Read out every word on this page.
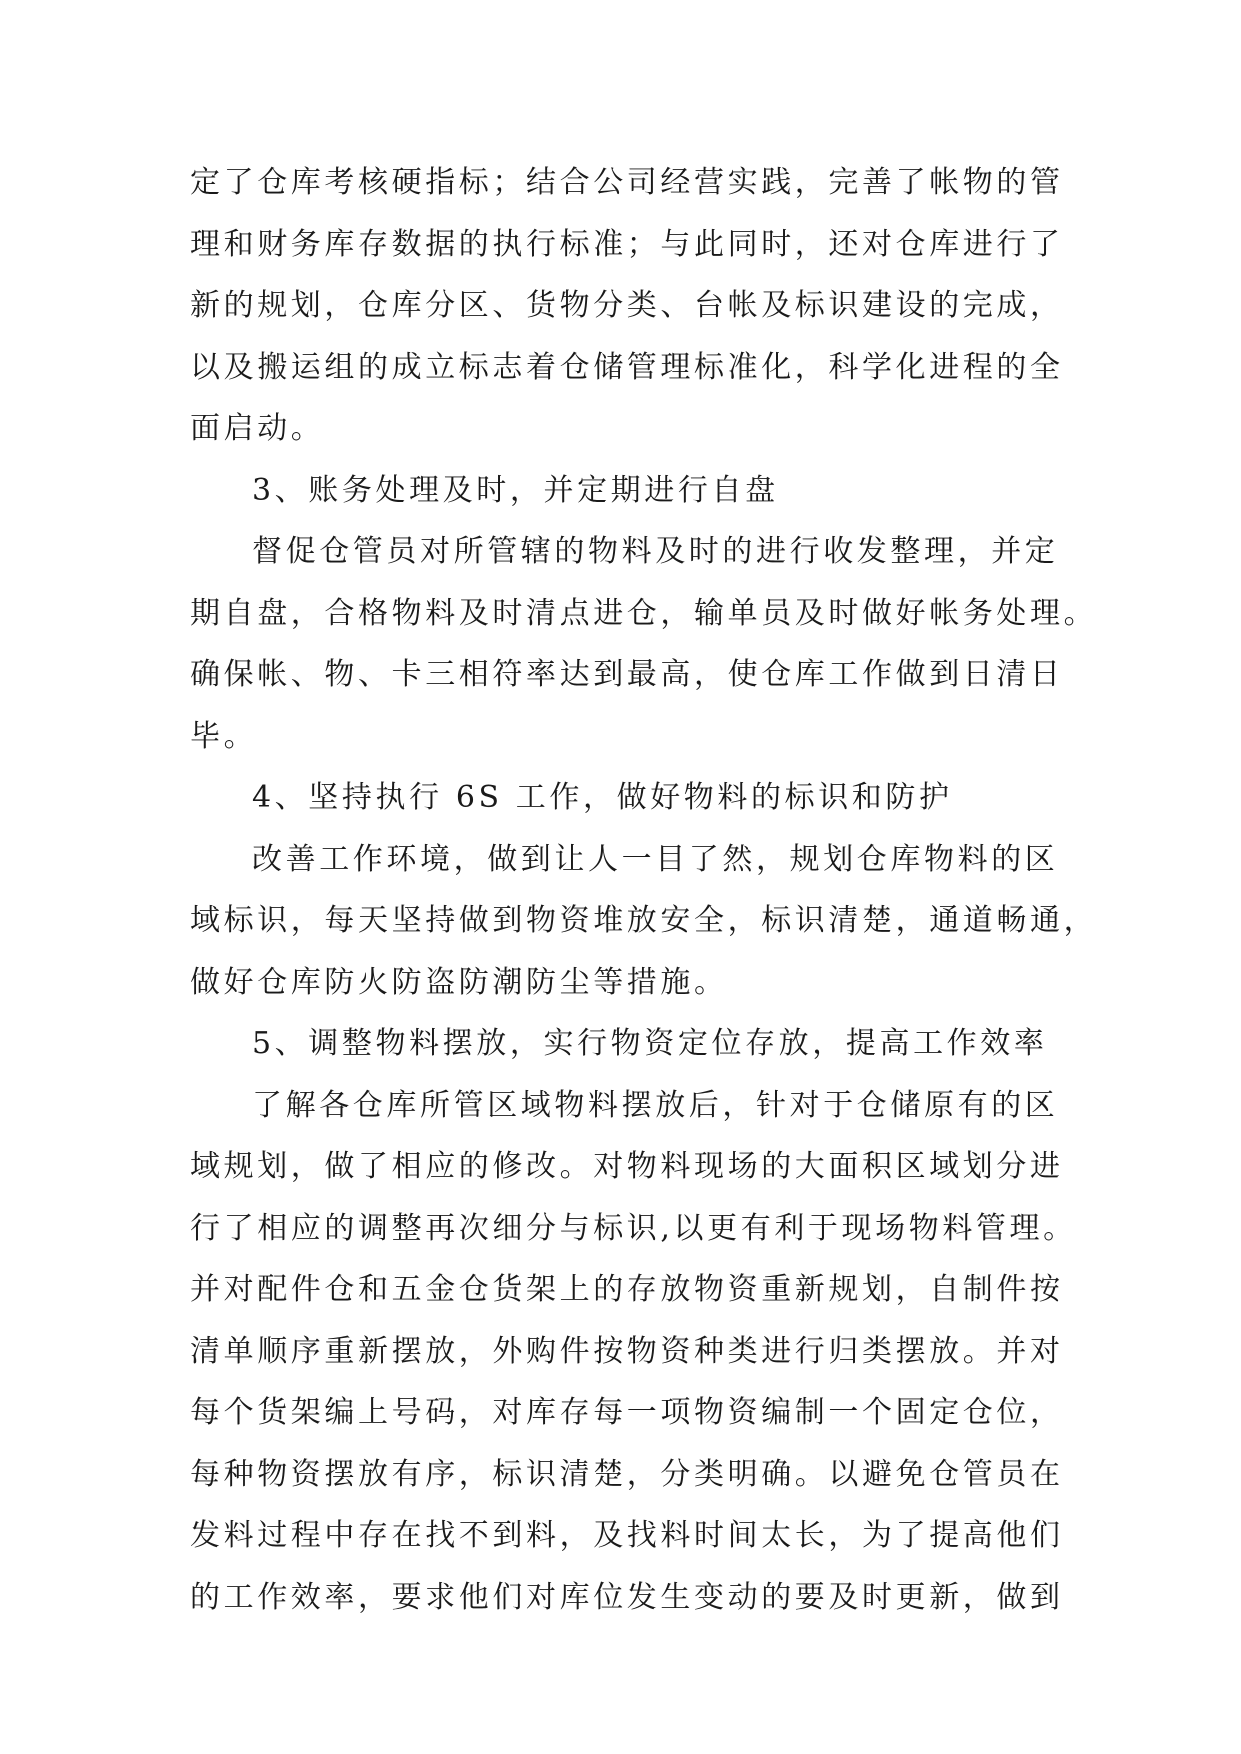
定了仓库考核硬指标；结合公司经营实践，完善了帐物的管
理和财务库存数据的执行标准；与此同时，还对仓库进行了
新的规划，仓库分区、货物分类、台帐及标识建设的完成，
以及搬运组的成立标志着仓储管理标准化，科学化进程的全
面启动。
3、账务处理及时，并定期进行自盘
督促仓管员对所管辖的物料及时的进行收发整理，并定
期自盘，合格物料及时清点进仓，输单员及时做好帐务处理。
确保帐、物、卡三相符率达到最高，使仓库工作做到日清日
毕。
4、坚持执行 6S 工作，做好物料的标识和防护
改善工作环境，做到让人一目了然，规划仓库物料的区
域标识，每天坚持做到物资堆放安全，标识清楚，通道畅通，
做好仓库防火防盗防潮防尘等措施。
5、调整物料摆放，实行物资定位存放，提高工作效率
了解各仓库所管区域物料摆放后，针对于仓储原有的区
域规划，做了相应的修改。对物料现场的大面积区域划分进
行了相应的调整再次细分与标识,以更有利于现场物料管理。
并对配件仓和五金仓货架上的存放物资重新规划，自制件按
清单顺序重新摆放，外购件按物资种类进行归类摆放。并对
每个货架编上号码，对库存每一项物资编制一个固定仓位，
每种物资摆放有序，标识清楚，分类明确。以避免仓管员在
发料过程中存在找不到料，及找料时间太长，为了提高他们
的工作效率，要求他们对库位发生变动的要及时更新，做到
